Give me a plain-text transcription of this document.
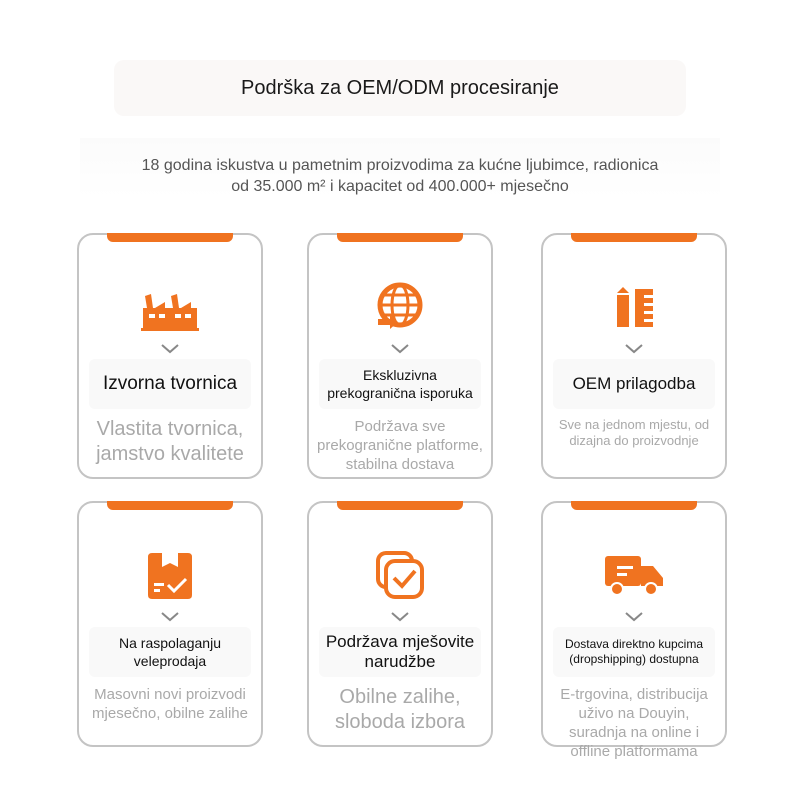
Podrška za OEM/ODM procesiranje
18 godina iskustva u pametnim proizvodima za kućne ljubimce, radionica
od 35.000 m² i kapacitet od 400.000+ mjesečno
Izvorna tvornica
Vlastita tvornica, jamstvo kvalitete
Ekskluzivna prekogranična isporuka
Podržava sve prekogranične platforme, stabilna dostava
OEM prilagodba
Sve na jednom mjestu, od dizajna do proizvodnje
Na raspolaganju veleprodaja
Masovni novi proizvodi mjesečno, obilne zalihe
Podržava mješovite narudžbe
Obilne zalihe, sloboda izbora
Dostava direktno kupcima (dropshipping) dostupna
E-trgovina, distribucija uživo na Douyin, suradnja na online i offline platformama
